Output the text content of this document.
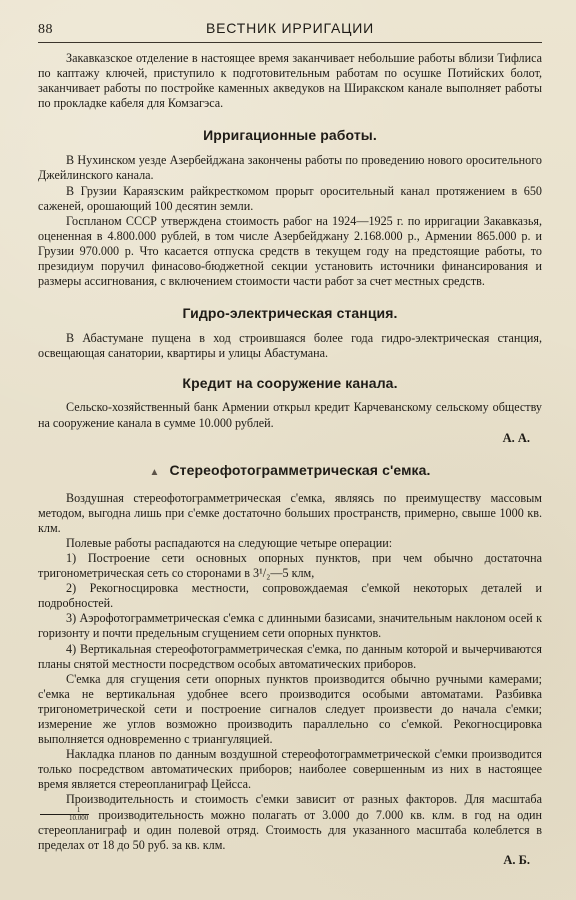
88	ВЕСТНИК ИРРИГАЦИИ

Закавказское отделение в настоящее время заканчивает небольшие работы вблизи Тифлиса по каптажу ключей, приступило к подготовительным работам по осушке Потийских болот, заканчивает работы по постройке каменных акведуков на Ширакском канале выполняет работы по прокладке кабеля для Комзагэса.

Ирригационные работы.

В Нухинском уезде Азербейджана закончены работы по проведению нового оросительного Джейлинского канала.

В Грузии Караязским райкресткомом прорыт оросительный канал протяжением в 650 саженей, орошающий 100 десятин земли.

Госпланом СССР утверждена стоимость рабог на 1924—1925 г. по ирригации Закавказья, оцененная в 4.800.000 рублей, в том числе Азербейджану 2.168.000 р., Армении 865.000 р. и Грузии 970.000 р. Что касается отпуска средств в текущем году на предстоящие работы, то президиум поручил финасово-бюджетной секции установить источники финансирования и размеры ассигнования, с включением стоимости части работ за счет местных средств.

Гидро-электрическая станция.

В Абастумане пущена в ход строившаяся более года гидро-электрическая станция, освещающая санатории, квартиры и улицы Абастумана.

Кредит на сооружение канала.

Сельско-хозяйственный банк Армении открыл кредит Карчеванскому сельскому обществу на сооружение канала в сумме 10.000 рублей.

А. А.
▲ Стереофотограмметрическая с'емка.

Воздушная стереофотограмметрическая с'емка, являясь по преимуществу массовым методом, выгодна лишь при с'емке достаточно больших пространств, примерно, свыше 1000 кв. клм.

Полевые работы распадаются на следующие четыре операции:

1) Построение сети основных опорных пунктов, при чем обычно достаточна тригонометрическая сеть со сторонами в 3¹/₂—5 клм,

2) Рекогносцировка местности, сопровождаемая с'емкой некоторых деталей и подробностей.

3) Аэрофотограмметрическая с'емка с длинными базисами, значительным наклоном осей к горизонту и почти предельным сгущением сети опорных пунктов.

4) Вертикальная стереофотограмметрическая с'емка, по данным которой и вычерчиваются планы снятой местности посредством особых автоматических приборов.

С'емка для сгущения сети опорных пунктов производится обычно ручными камерами; с'емка не вертикальная удобнее всего производится особыми автоматами. Разбивка тригонометрической сети и построение сигналов следует произвести до начала с'емки; измерение же углов возможно производить параллельно со с'емкой. Рекогносцировка выполняется одновременно с триангуляцией.

Накладка планов по данным воздушной стереофотограмметрической с'емки производится только посредством автоматических приборов; наиболее совершенным из них в настоящее время является стереопланиграф Цейсса.

Производительность и стоимость с'емки зависит от разных факторов. Для масштаба
$\frac{1}{10.000}$ производительность можно полагать от 3.000 до 7.000 кв. клм. в год на один стереопланиграф и один полевой отряд. Стоимость для указанного масштаба колеблется в пределах от 18 до 50 руб. за кв. клм.

А. Б.
